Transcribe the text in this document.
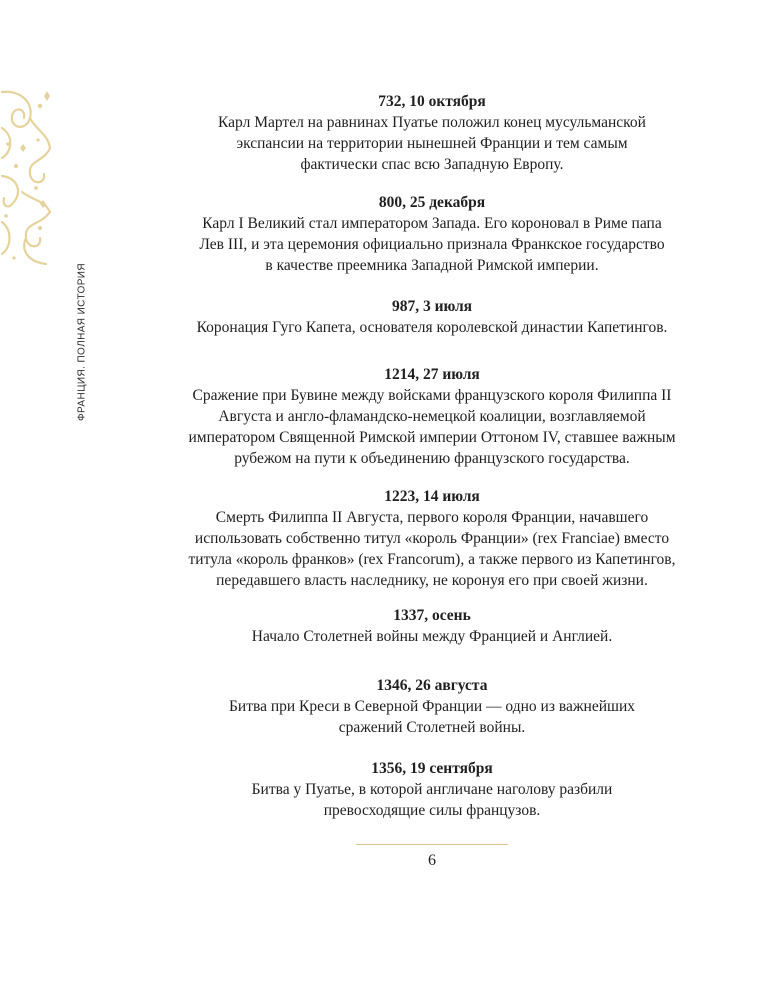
ФРАНЦИЯ. ПОЛНАЯ ИСТОРИЯ

732, 10 октября

Карл Мартел на равнинах Пуатье положил конец мусульманской

экспансии на территории нынешней Франции и тем самым

фактически спас всю Западную Европу.

800, 25 декабря

Карл I Великий стал императором Запада. Его короновал в Риме папа

Лев III, и эта церемония официально признала Франкское государство

в качестве преемника Западной Римской империи.

987, 3 июля

Коронация Гуго Капета, основателя королевской династии Капетингов.

1214, 27 июля

Сражение при Бувине между войсками французского короля Филиппа II

Августа и англо-фламандско-немецкой коалиции, возглавляемой

императором Священной Римской империи Оттоном IV, ставшее важным

рубежом на пути к объединению французского государства.

1223, 14 июля

Смерть Филиппа II Августа, первого короля Франции, начавшего

использовать собственно титул «король Франции» (rex Franciae) вместо

титула «король франков» (rex Francorum), а также первого из Капетингов,

передавшего власть наследнику, не коронуя его при своей жизни.

1337, осень

Начало Столетней войны между Францией и Англией.

1346, 26 августа

Битва при Креси в Северной Франции — одно из важнейших

сражений Столетней войны.

1356, 19 сентября

Битва у Пуатье, в которой англичане наголову разбили

превосходящие силы французов.

6
